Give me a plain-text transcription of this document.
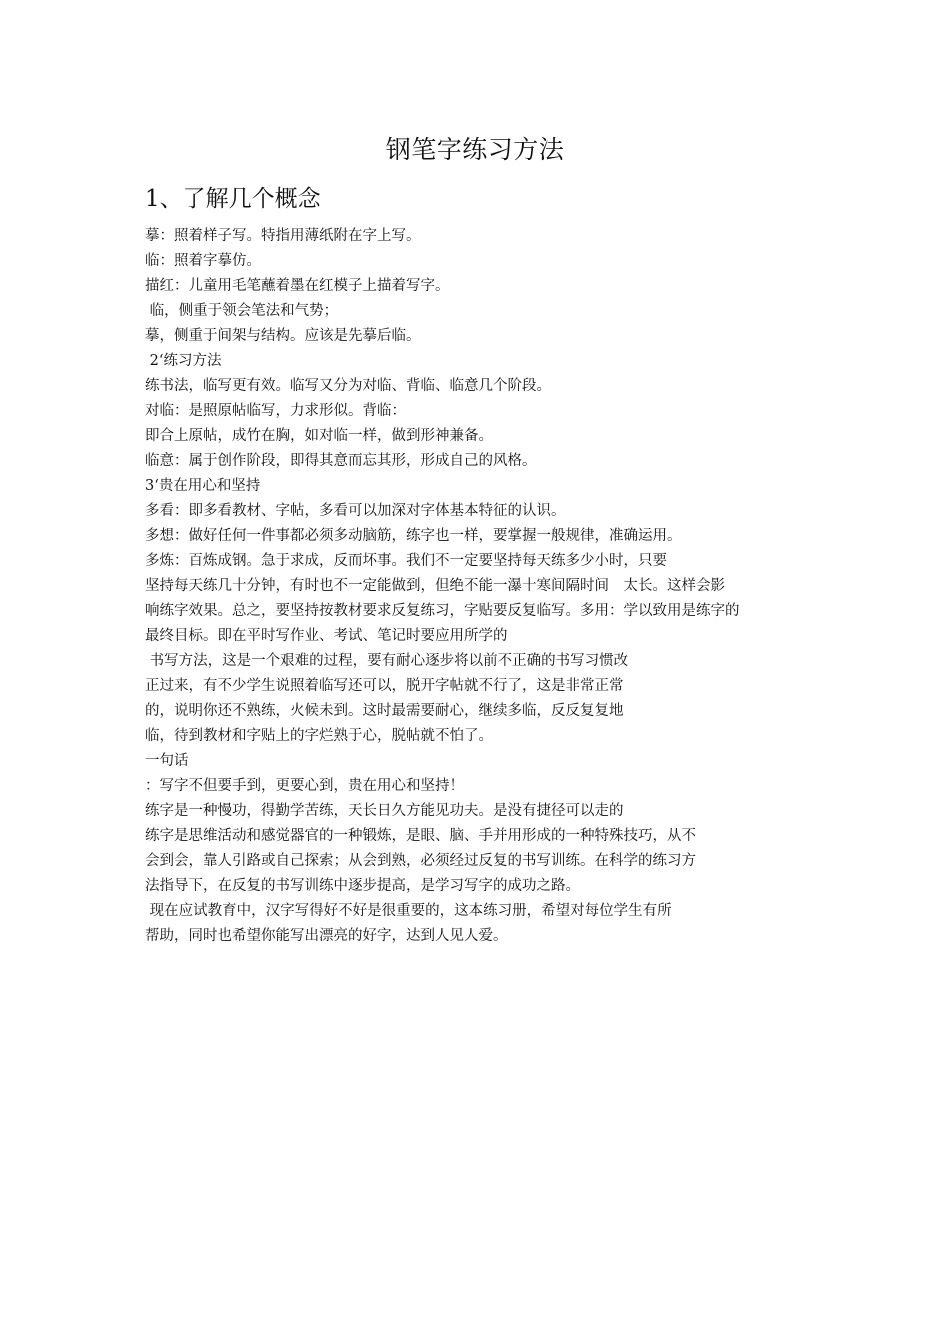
钢笔字练习方法
1、了解几个概念
摹：照着样子写。特指用薄纸附在字上写。
临：照着字摹仿。
描红：儿童用毛笔蘸着墨在红模子上描着写字。
临，侧重于领会笔法和气势；
摹，侧重于间架与结构。应该是先摹后临。
2‘练习方法
练书法，临写更有效。临写又分为对临、背临、临意几个阶段。
对临：是照原帖临写，力求形似。背临：
即合上原帖，成竹在胸，如对临一样，做到形神兼备。
临意：属于创作阶段，即得其意而忘其形，形成自己的风格。
3‘贵在用心和坚持
多看：即多看教材、字帖，多看可以加深对字体基本特征的认识。
多想：做好任何一件事都必须多动脑筋，练字也一样，要掌握一般规律，准确运用。
多炼：百炼成钢。急于求成，反而坏事。我们不一定要坚持每天练多少小时，只要
坚持每天练几十分钟，有时也不一定能做到，但绝不能一瀑十寒间隔时间　太长。这样会影
响练字效果。总之，要坚持按教材要求反复练习，字贴要反复临写。多用：学以致用是练字的
最终目标。即在平时写作业、考试、笔记时要应用所学的
书写方法，这是一个艰难的过程，要有耐心逐步将以前不正确的书写习惯改
正过来，有不少学生说照着临写还可以，脱开字帖就不行了，这是非常正常
的，说明你还不熟练，火候未到。这时最需要耐心，继续多临，反反复复地
临，待到教材和字贴上的字烂熟于心，脱帖就不怕了。
一句话
：写字不但要手到，更要心到，贵在用心和坚持！
练字是一种慢功，得勤学苦练，天长日久方能见功夫。是没有捷径可以走的
练字是思维活动和感觉器官的一种锻炼，是眼、脑、手并用形成的一种特殊技巧，从不
会到会，靠人引路或自己探索；从会到熟，必须经过反复的书写训练。在科学的练习方
法指导下，在反复的书写训练中逐步提高，是学习写字的成功之路。
现在应试教育中，汉字写得好不好是很重要的，这本练习册，希望对每位学生有所
帮助，同时也希望你能写出漂亮的好字，达到人见人爱。
